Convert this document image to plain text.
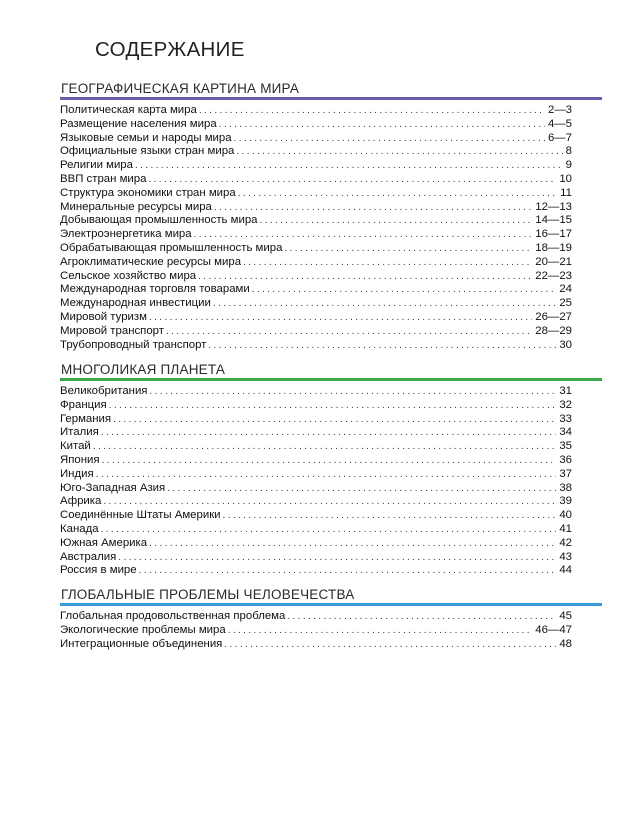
СОДЕРЖАНИЕ
ГЕОГРАФИЧЕСКАЯ КАРТИНА МИРА
Политическая карта мира . . .	2—3
Размещение населения мира . . .	4—5
Языковые семьи и народы мира . . .	6—7
Официальные языки стран мира . . .	8
Религии мира . . .	9
ВВП стран мира . . .	10
Структура экономики стран мира . . .	11
Минеральные ресурсы мира . . .	12—13
Добывающая промышленность мира . . .	14—15
Электроэнергетика мира . . .	16—17
Обрабатывающая промышленность мира . . .	18—19
Агроклиматические ресурсы мира . . .	20—21
Сельское хозяйство мира . . .	22—23
Международная торговля товарами . . .	24
Международная инвестиции . . .	25
Мировой туризм . . .	26—27
Мировой транспорт . . .	28—29
Трубопроводный транспорт . . .	30
МНОГОЛИКАЯ ПЛАНЕТА
Великобритания . . .	31
Франция . . .	32
Германия . . .	33
Италия . . .	34
Китай . . .	35
Япония . . .	36
Индия . . .	37
Юго-Западная Азия . . .	38
Африка . . .	39
Соединённые Штаты Америки . . .	40
Канада . . .	41
Южная Америка . . .	42
Австралия . . .	43
Россия в мире . . .	44
ГЛОБАЛЬНЫЕ ПРОБЛЕМЫ ЧЕЛОВЕЧЕСТВА
Глобальная продовольственная проблема . . .	45
Экологические проблемы мира . . .	46—47
Интеграционные объединения . . .	48
